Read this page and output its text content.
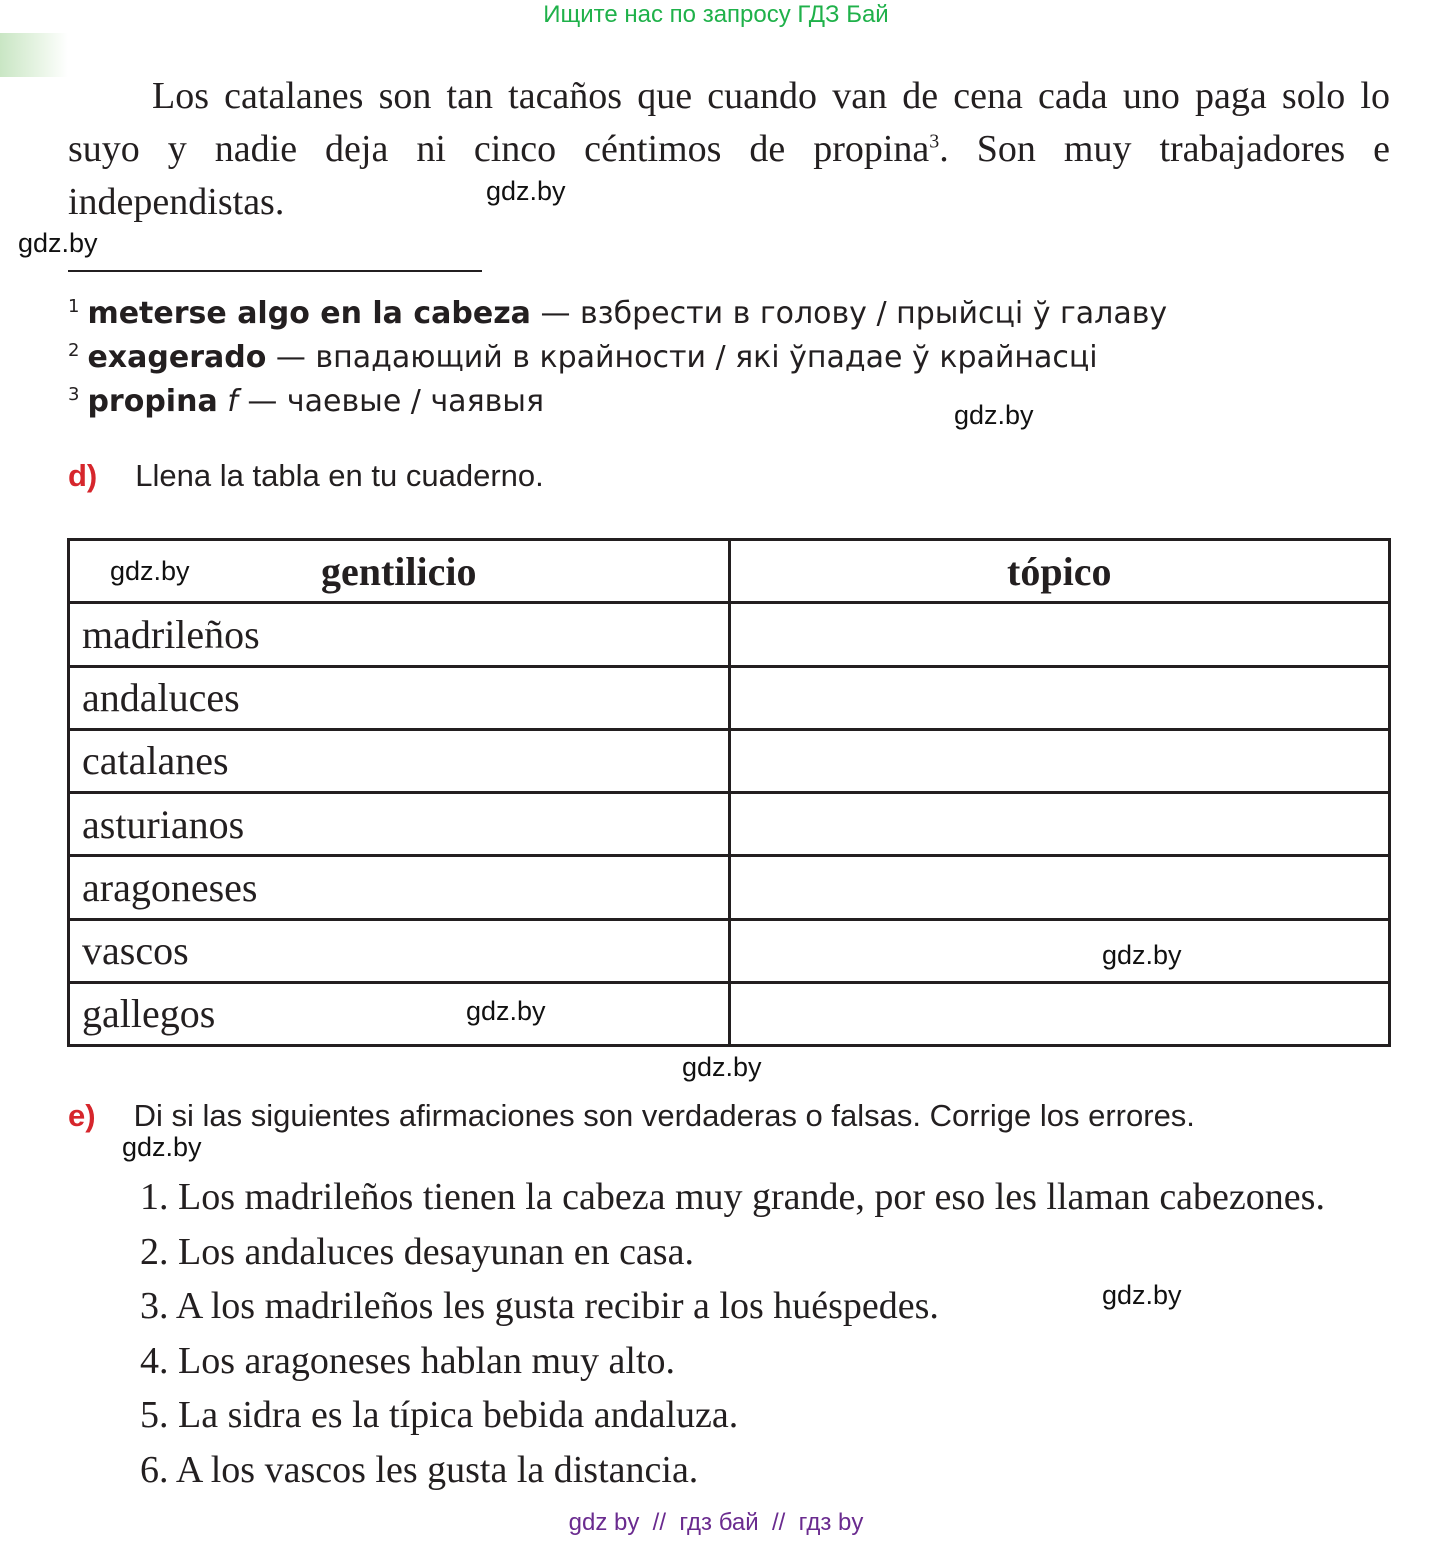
Ищите нас по запросу ГДЗ Бай
Los catalanes son tan tacaños que cuando van de cena cada uno paga solo lo suyo y nadie deja ni cinco céntimos de propina$^3$. Son muy trabajadores e independistas.	gdz.by
gdz.by
$^1$ meterse algo en la cabeza — взбрести в голову / прыйсці ў галаву
$^2$ exagerado — впадающий в крайности / які ўпадае ў крайнасці
$^3$ propina f — чаевые / чаявыя	gdz.by
d) Llena la tabla en tu cuaderno.
gentilicio	tópico
madrileños	
andaluces	
catalanes	
asturianos	
aragoneses	
vascos	
gallegos	
gdz.by
gdz.by
gdz.by
gdz.by
e) Di si las siguientes afirmaciones son verdaderas o falsas. Corrige los errores.
gdz.by
1. Los madrileños tienen la cabeza muy grande, por eso les llaman cabezones.
2. Los andaluces desayunan en casa.
3. A los madrileños les gusta recibir a los huéspedes.
4. Los aragoneses hablan muy alto.
5. La sidra es la típica bebida andaluza.
6. A los vascos les gusta la distancia.
gdz.by
gdz by  //  гдз бай  //  гдз by
